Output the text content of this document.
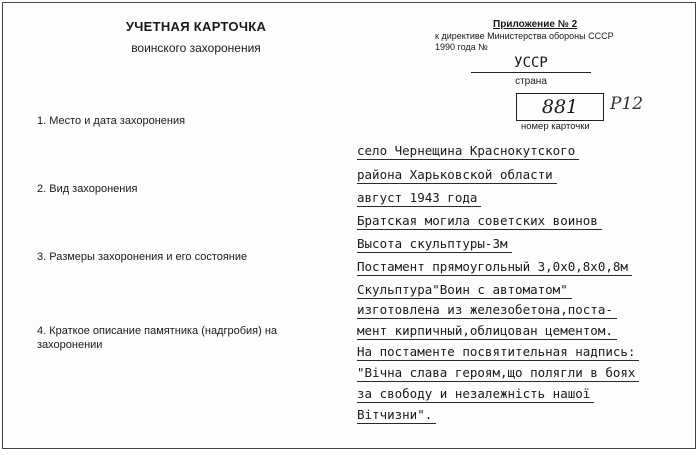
УЧЕТНАЯ КАРТОЧКА
воинского захоронения
Приложение № 2
к директиве Министерства обороны СССР
1990 года №
УССР
страна
881	Р12
номер карточки
1. Место и дата захоронения
2. Вид захоронения
3. Размеры захоронения и его состояние
4. Краткое описание памятника (надгробия) на захоронении
село Чернещина Краснокутского
района Харьковской области
август 1943 года
Братская могила советских воинов
Высота скульптуры-3м
Постамент прямоугольный 3,0х0,8х0,8м
Скульптура"Воин с автоматом"
изготовлена из железобетона,постa-
мент кирпичный,облицован цементом.
На постаменте посвятительная надпись:
"Вічна слава героям,що полягли в боях
за свободу и незалежність нашої
Вітчизни".
